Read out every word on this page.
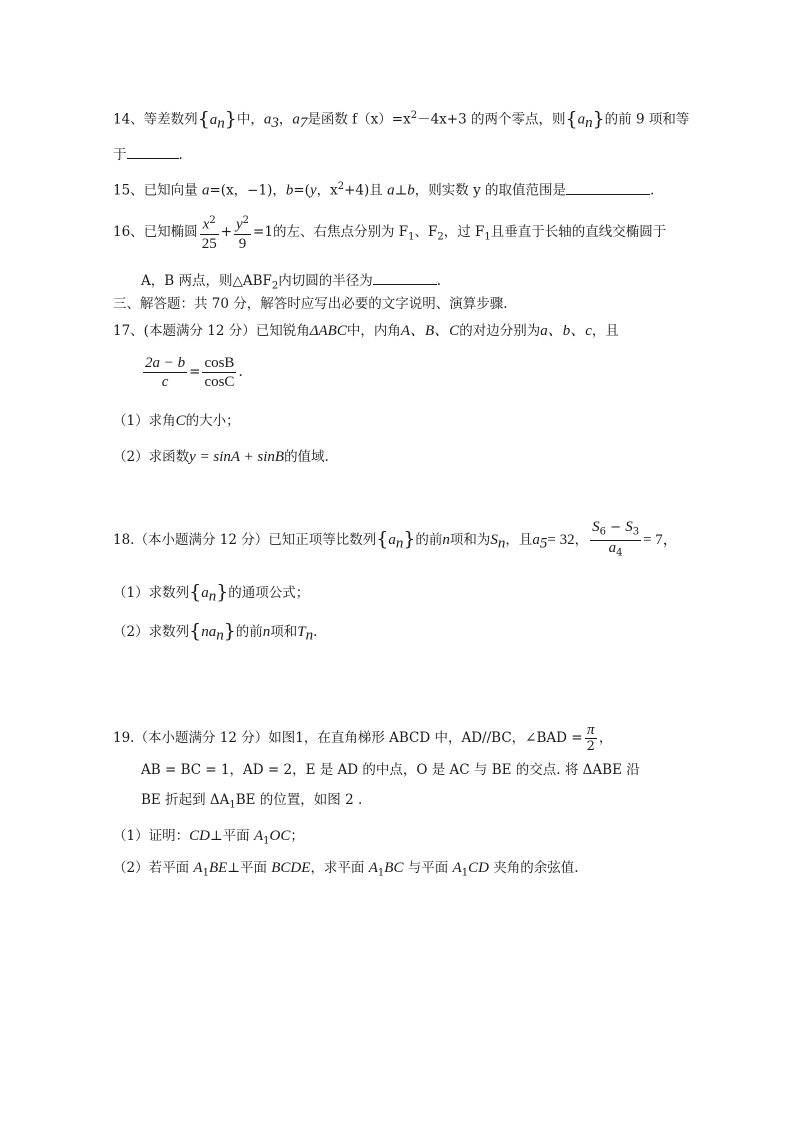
14、等差数列$\{a_n\}$中，$a_3$，$a_7$是函数 $f(x)=x^2-4x+3$ 的两个零点，则$\{a_n\}$的前 9 项和等
于	.
15、已知向量 a=(x，−1)，b=(y，$x^2+4$)且 a⊥b，则实数 y 的取值范围是	.
16、已知椭圆 $\frac{x^2}{25} + \frac{y^2}{9} =1$的左、右焦点分别为 $F_1$、$F_2$，过 $F_1$且垂直于长轴的直线交椭圆于
A，B 两点，则$\triangle ABF_2$内切圆的半径为	.
三、解答题：共 70 分，解答时应写出必要的文字说明、演算步骤.
17、(本题满分 12 分）已知锐角ΔABC中，内角A、B、C的对边分别为a、b、c，且
$\frac{2a - b}{c} = \frac{\cos B}{\cos C}$ .
（1）求角C的大小；
（2）求函数y = sinA + sinB的值域.
18.（本小题满分 12 分）已知正项等比数列$\{a_n\}$的前n项和为$S_n$，且$a_5= 32$， $\frac{S_6 - S_3}{a_4} = 7$，
（1）求数列$\{a_n\}$的通项公式；
（2）求数列$\{na_n\}$的前n项和$T_n$.
19.（本小题满分 12 分）如图1，在直角梯形 ABCD 中，AD//BC，∠BAD = $\frac{\pi}{2}$ ，
AB = BC = 1，AD = 2，E 是 AD 的中点，O 是 AC 与 BE 的交点. 将 ΔABE 沿
BE 折起到 $\Delta A_1BE$ 的位置，如图 2 .
（1）证明：CD⊥平面 $A_1OC$；
（2）若平面 $A_1BE\perp$平面 BCDE，求平面 $A_1BC$ 与平面 $A_1CD$ 夹角的余弦值.
